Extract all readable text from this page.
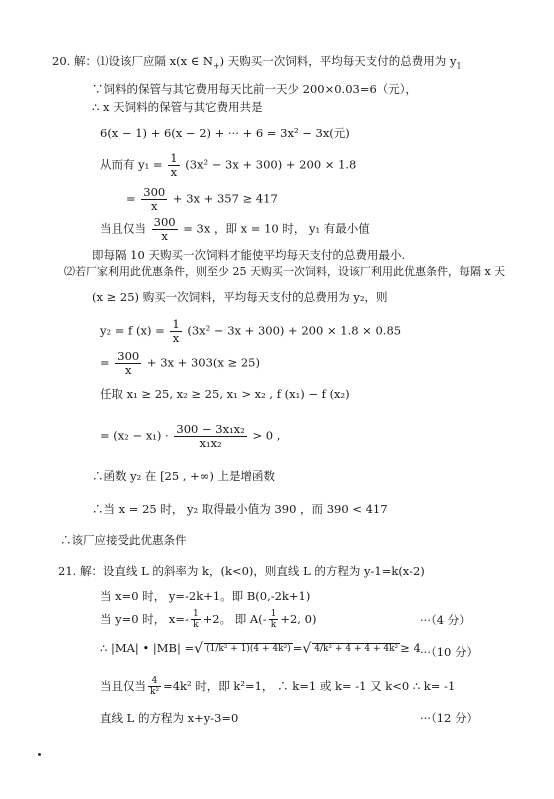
20. 解：⑴设该厂应隔 x(x ∈ $N_+$) 天购买一次饲料，平均每天支付的总费用为 $y_1$
∵饲料的保管与其它费用每天比前一天少 200×0.03=6（元），
∴ x 天饲料的保管与其它费用共是
6(x − 1) + 6(x − 2) + ··· + 6 = 3x² − 3x(元)
从而有 $y_1 = \frac{1}{x} (3x^2 - 3x + 300) + 200 \times 1.8$
= $\frac{300}{x} + 3x + 357 \ge 417$
当且仅当 $\frac{300}{x} = 3x$ ，即 x = 10 时， y₁ 有最小值
即每隔 10 天购买一次饲料才能使平均每天支付的总费用最小.
⑵若厂家利用此优惠条件，则至少 25 天购买一次饲料，设该厂利用此优惠条件，每隔 x 天
(x ≥ 25) 购买一次饲料，平均每天支付的总费用为 y₂，则
y₂ = f $(x) = \frac{1}{x} (3x^2 - 3x + 300) + 200 \times 1.8 \times 0.85$
= $\frac{300}{x} + 3x + 303(x \ge 25)$
任取 x₁ ≥ 25, x₂ ≥ 25, x₁ > x₂ , f (x₁) − f (x₂)
= $(x_2 - x_1) \cdot \frac{\text{300 − 3x₁x₂}}{\text{x₁x₂}} > 0$ ,
∴函数 y₂ 在 [25 , +∞) 上是增函数
∴当 x = 25 时， y₂ 取得最小值为 390 ，而 390 < 417
∴该厂应接受此优惠条件
21. 解：设直线 L 的斜率为 k，(k<0)，则直线 L 的方程为 y-1=k(x-2)
当 x=0 时， y=-2k+1。即 B(0,-2k+1)
当 y=0 时， $x=- \frac{1}{k} +2$。 即 $A(- \frac{1}{k} +2$, 0)	···（4 分）
∴ |MA| • |MB| =√ (1/k² + 1)(4 + 4k²) =√ 4/k² + 4 + 4 + 4k² ≥ 4 ···（10 分）
当且仅当 $\frac{4}{\text{k²}} =4k^2$ 时，即 k²=1， ∴ k=1 或 k= -1 又 k<0 ∴ k= -1
直线 L 的方程为 x+y-3=0	···（12 分）
